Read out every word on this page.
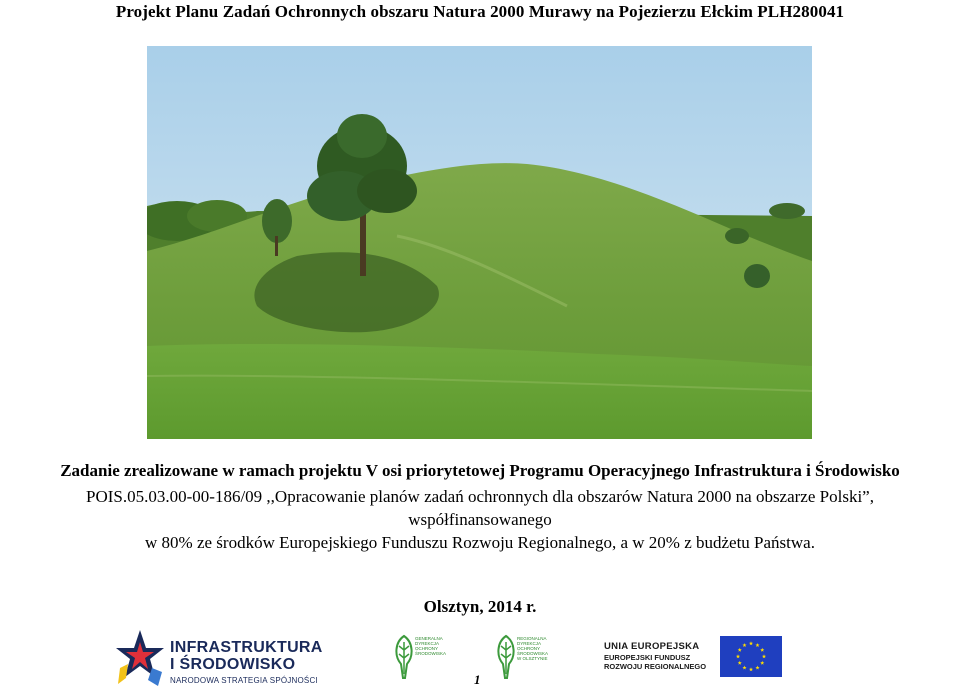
Projekt Planu Zadań Ochronnych obszaru Natura 2000 Murawy na Pojezierzu Ełckim PLH280041
Zadanie zrealizowane w ramach projektu V osi priorytetowej Programu Operacyjnego Infrastruktura i Środowisko
POIS.05.03.00-00-186/09 ,,Opracowanie planów zadań ochronnych dla obszarów Natura 2000 na obszarze Polski”,
współfinansowanego
w 80% ze środków Europejskiego Funduszu Rozwoju Regionalnego, a w 20% z budżetu Państwa.
Olsztyn, 2014 r.
INFRASTRUKTURA
I ŚRODOWISKO
NARODOWA STRATEGIA SPÓJNOŚCI
GENERALNA DYREKCJA OCHRONY ŚRODOWISKA
REGIONALNA DYREKCJA OCHRONY ŚRODOWISKA W OLSZTYNIE
1
UNIA EUROPEJSKA
EUROPEJSKI FUNDUSZ
ROZWOJU REGIONALNEGO
